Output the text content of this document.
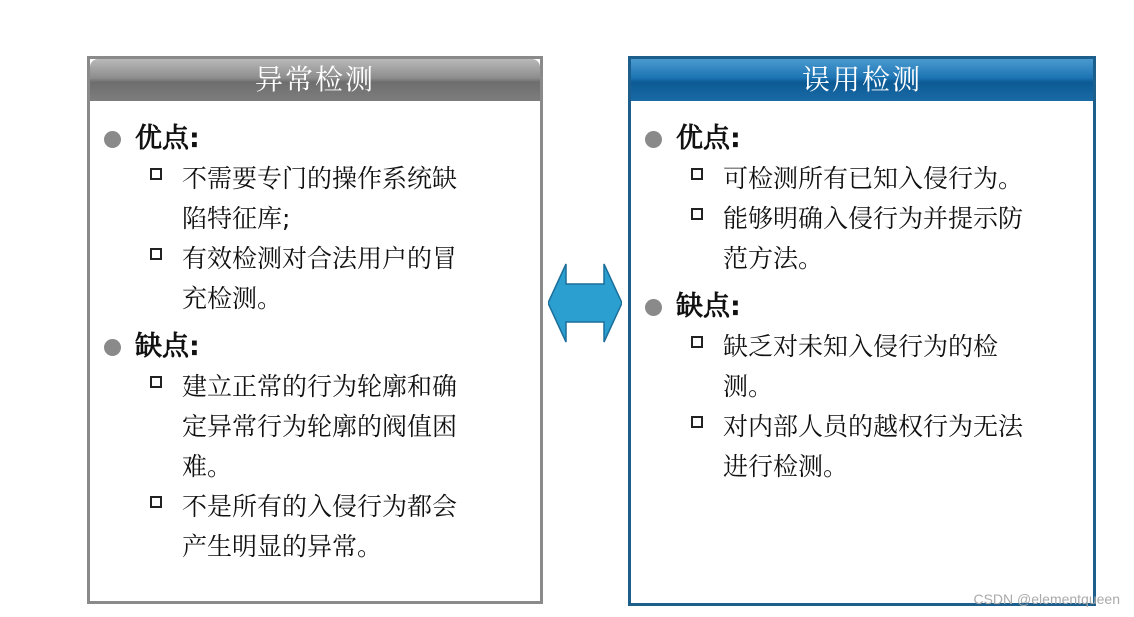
异常检测
优点:
不需要专门的操作系统缺
陷特征库;
有效检测对合法用户的冒
充检测。
缺点:
建立正常的行为轮廓和确
定异常行为轮廓的阀值困
难。
不是所有的入侵行为都会
产生明显的异常。
误用检测
优点:
可检测所有已知入侵行为。
能够明确入侵行为并提示防
范方法。
缺点:
缺乏对未知入侵行为的检
测。
对内部人员的越权行为无法
进行检测。
CSDN @elementqueen
